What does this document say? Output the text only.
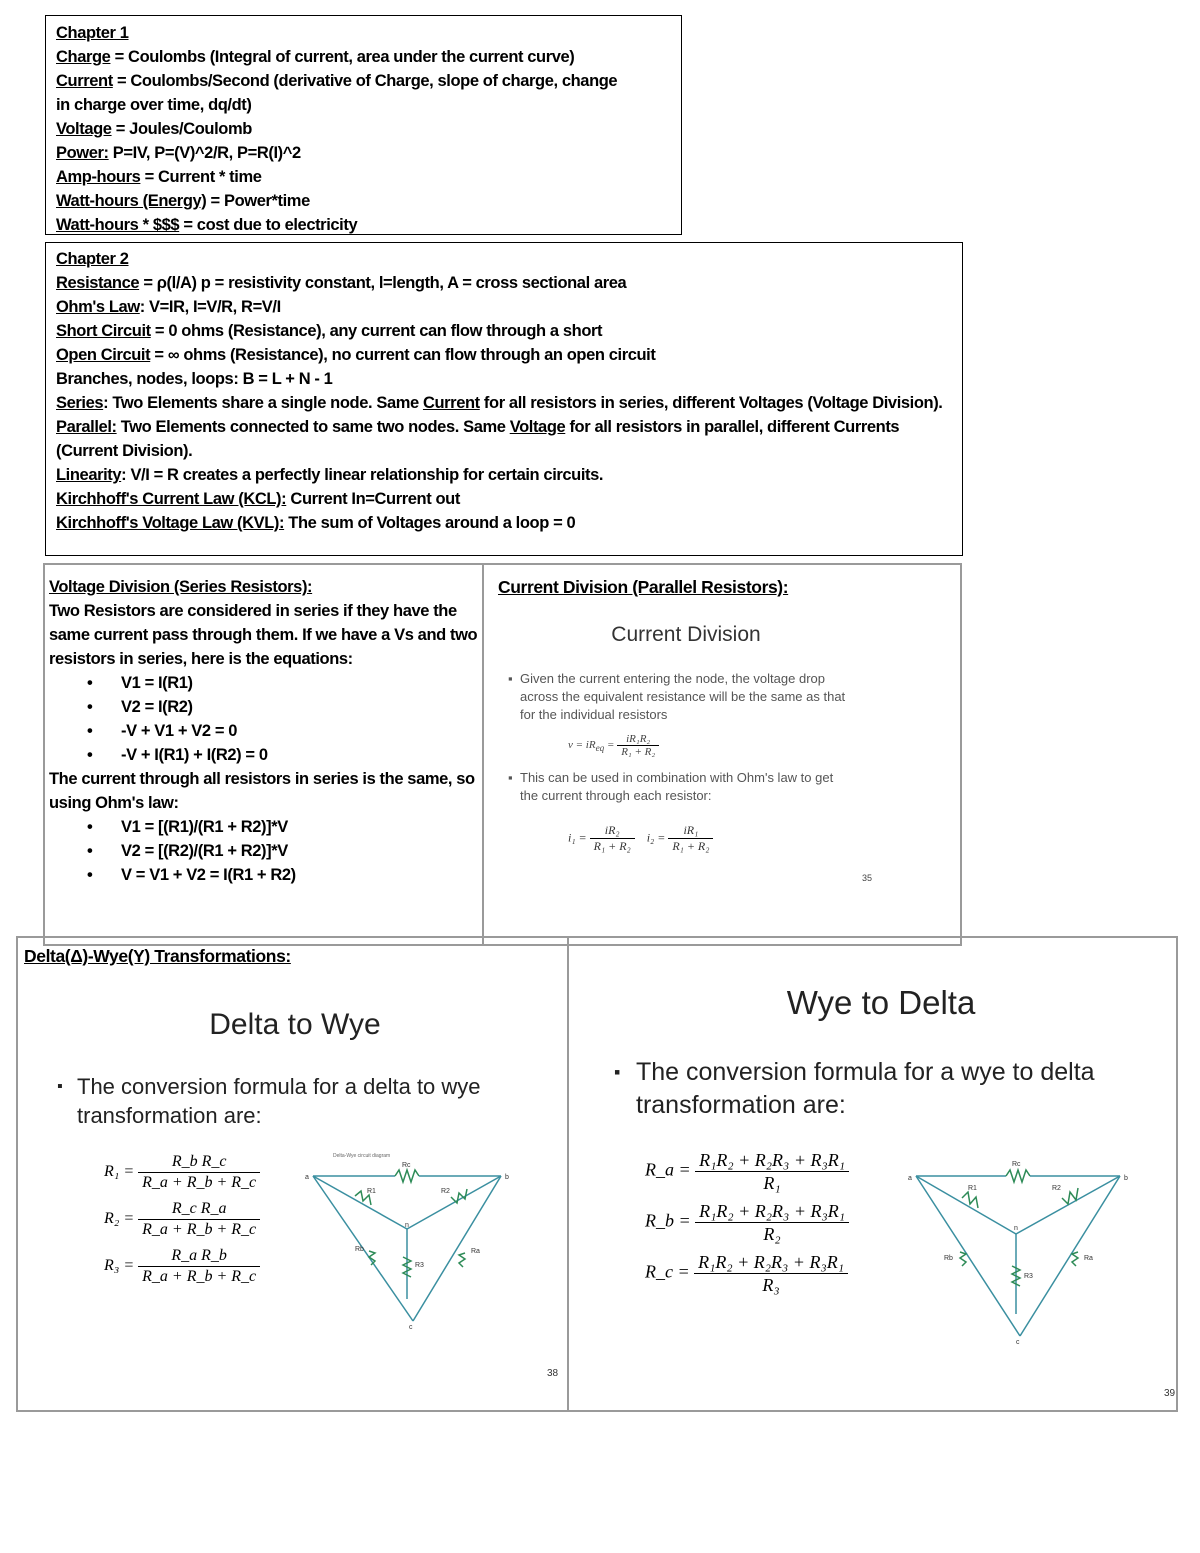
Chapter 1
Charge = Coulombs (Integral of current, area under the current curve)
Current = Coulombs/Second (derivative of Charge, slope of charge, change
in charge over time, dq/dt)
Voltage = Joules/Coulomb
Power: P=IV, P=(V)^2/R, P=R(I)^2
Amp-hours = Current * time
Watt-hours (Energy) = Power*time
Watt-hours * $$$ = cost due to electricity
Chapter 2
Resistance = ρ(l/A) p = resistivity constant, l=length, A = cross sectional area
Ohm's Law: V=IR, I=V/R, R=V/I
Short Circuit = 0 ohms (Resistance), any current can flow through a short
Open Circuit = ∞ ohms (Resistance), no current can flow through an open circuit
Branches, nodes, loops: B = L + N - 1
Series: Two Elements share a single node. Same Current for all resistors in series, different Voltages (Voltage Division).
Parallel: Two Elements connected to same two nodes. Same Voltage for all resistors in parallel, different Currents (Current Division).
Linearity: V/I = R creates a perfectly linear relationship for certain circuits.
Kirchhoff's Current Law (KCL): Current In=Current out
Kirchhoff's Voltage Law (KVL): The sum of Voltages around a loop = 0
Voltage Division (Series Resistors):
Two Resistors are considered in series if they have the same current pass through them. If we have a Vs and two resistors in series, here is the equations:
• V1 = I(R1)
• V2 = I(R2)
• -V + V1 + V2 = 0
• -V + I(R1) + I(R2) = 0
The current through all resistors in series is the same, so using Ohm's law:
• V1 = [(R1)/(R1 + R2)]*V
• V2 = [(R2)/(R1 + R2)]*V
• V = V1 + V2 = I(R1 + R2)
Current Division (Parallel Resistors):
Current Division
▪ Given the current entering the node, the voltage drop across the equivalent resistance will be the same as that for the individual resistors
$v = iR_{eq} = \frac{\text{iR₁R₂}}{\text{R₁ + R₂}}$
▪ This can be used in combination with Ohm's law to get the current through each resistor:
$i_1 = \frac{\text{iR₂}}{\text{R₁ + R₂}} i_2 = \frac{\text{iR₁}}{\text{R₁ + R₂}}$
35
Delta(Δ)-Wye(Y) Transformations:
Delta to Wye
▪ The conversion formula for a delta to wye transformation are:
$R_1 = \frac{\text{R\_b R\_c}}{R\_a + R\_b + R\_c}$
$R_2 = \frac{\text{R\_c R\_a}}{R\_a + R\_b + R\_c}$
$R_3 = \frac{\text{R\_a R\_b}}{R\_a + R\_b + R\_c}$
Delta-Wye circuit diagram
a	b
c
n
Rc
R1	R2
Rb	Ra
R3
38
Wye to Delta
▪ The conversion formula for a wye to delta transformation are:
R_a = $\frac{\text{R₁R₂ + R₂R₃ + R₃R₁}}{\text{R₁}}$
R_b = $\frac{\text{R₁R₂ + R₂R₃ + R₃R₁}}{\text{R₂}}$
R_c = $\frac{\text{R₁R₂ + R₂R₃ + R₃R₁}}{\text{R₃}}$
a	b
c
n
Rc
R1	R2
Rb	Ra
R3
39
